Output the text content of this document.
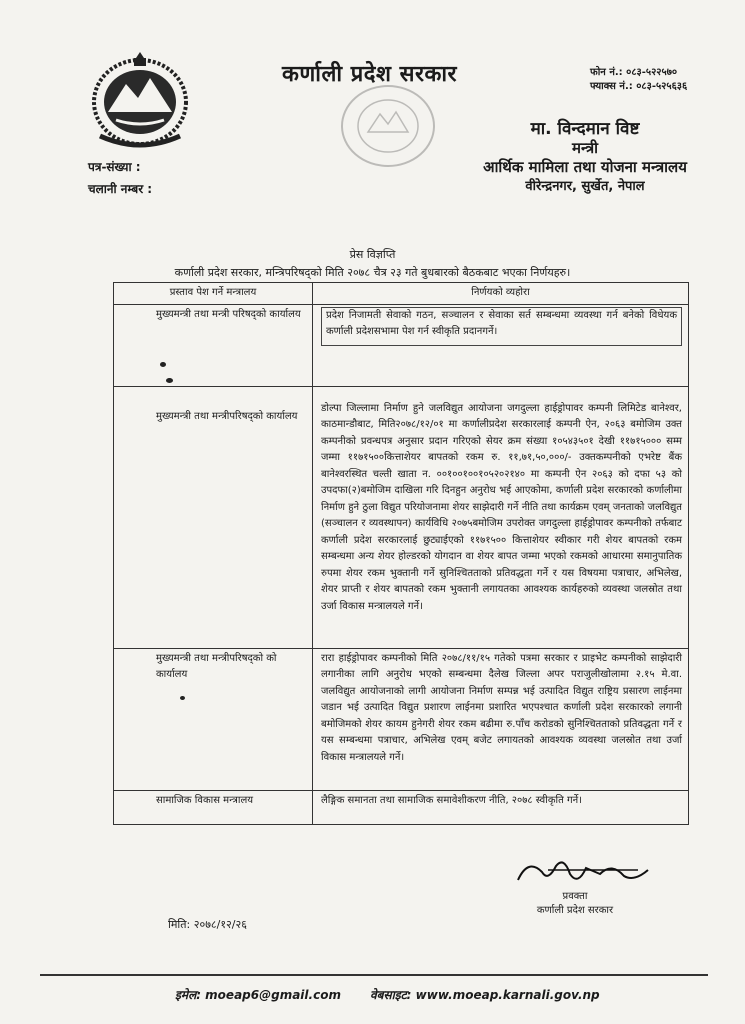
कर्णाली प्रदेश सरकार	फोन नं.: ०८३-५२२५७०
फ्याक्स नं.: ०८३-५२५६३६
मा. विन्दमान विष्ट
मन्त्री
आर्थिक मामिला तथा योजना मन्त्रालय
वीरेन्द्रनगर, सुर्खेत, नेपाल
पत्र-संख्या :
चलानी नम्बर :
प्रेस विज्ञप्ति
कर्णाली प्रदेश सरकार, मन्त्रिपरिषद्को मिति २०७८ चैत्र २३ गते बुधबारको बैठकबाट भएका निर्णयहरु।
प्रस्ताव पेश गर्ने मन्त्रालय	निर्णयको व्यहोरा
मुख्यमन्त्री तथा मन्त्री परिषद्को कार्यालय	प्रदेश निजामती सेवाको गठन, सञ्चालन र सेवाका सर्त सम्बन्धमा व्यवस्था गर्न बनेको विधेयक कर्णाली प्रदेशसभामा पेश गर्न स्वीकृति प्रदानगर्ने।

मुख्यमन्त्री तथा मन्त्रीपरिषद्को कार्यालय	डोल्पा जिल्लामा निर्माण हुने जलविद्युत आयोजना जगदुल्ला हाईड्रोपावर कम्पनी लिमिटेड बानेश्वर, काठमान्डौबाट, मिति२०७८/१२/०१ मा कर्णालीप्रदेश सरकारलाई कम्पनी ऐन, २०६३ बमोजिम उक्त कम्पनीको प्रवन्धपत्र अनुसार प्रदान गरिएको सेयर क्रम संख्या १०५४३५०१ देखी ११७१५००० सम्म जम्मा ११७१५००कित्ताशेयर बापतको रकम रु. ११,७१,५०,०००/- उक्तकम्पनीको एभरेष्ट बैंक बानेश्वरस्थित चल्ती खाता न. ००१००१००१०५२०२१४० मा कम्पनी ऐन २०६३ को दफा ५३ को उपदफा(२)बमोजिम दाखिला गरि दिनहुन अनुरोध भई आएकोमा, कर्णाली प्रदेश सरकारको कर्णालीमा निर्माण हुने ठुला विद्युत परियोजनामा शेयर साझेदारी गर्ने नीति तथा कार्यक्रम एवम् जनताको जलविद्युत (सञ्चालन र व्यवस्थापन) कार्यविधि २०७५बमोजिम उपरोक्त जगदुल्ला हाईड्रोपावर कम्पनीको तर्फबाट कर्णाली प्रदेश सरकारलाई छुट्याईएको ११७१५०० कित्ताशेयर स्वीकार गरी शेयर बापतको रकम सम्बन्धमा अन्य शेयर होल्डरको योगदान वा शेयर बापत जम्मा भएको रकमको आधारमा समानुपातिक रुपमा शेयर रकम भुक्तानी गर्ने सुनिश्चितताको प्रतिवद्धता गर्ने र यस विषयमा पत्राचार, अभिलेख, शेयर प्राप्ती र शेयर बापतको रकम भुक्तानी लगायतका आवश्यक कार्यहरुको व्यवस्था जलस्रोत तथा उर्जा विकास मन्त्रालयले गर्ने।
मुख्यमन्त्री तथा मन्त्रीपरिषद्को को कार्यालय	रारा हाईड्रोपावर कम्पनीको मिति २०७८/११/१५ गतेको पत्रमा सरकार र प्राइभेट कम्पनीको साझेदारी लगानीका लागि अनुरोध भएको सम्बन्धमा दैलेख जिल्ला अपर पराजुलीखोलामा २.१५ मे.वा. जलविद्युत आयोजनाको लागी आयोजना निर्माण सम्पन्न भई उत्पादित विद्युत राष्ट्रिय प्रसारण लाईनमा जडान भई उत्पादित विद्युत प्रशारण लाईनमा प्रशारित भएपश्चात कर्णाली प्रदेश सरकारको लगानी बमोजिमको शेयर कायम हुनेगरी शेयर रकम बढीमा रु.पाँच करोडको सुनिश्चितताको प्रतिवद्धता गर्ने र यस सम्बन्धमा पत्राचार, अभिलेख एवम् बजेट लगायतको आवश्यक व्यवस्था जलस्रोत तथा उर्जा विकास मन्त्रालयले गर्ने।
सामाजिक विकास मन्त्रालय	लैङ्गिक समानता तथा सामाजिक समावेशीकरण नीति, २०७८ स्वीकृति गर्ने।
प्रवक्ता
कर्णाली प्रदेश सरकार
मिति: २०७८/१२/२६
इमेल: moeap6@gmail.com वेबसाइट: www.moeap.karnali.gov.np
